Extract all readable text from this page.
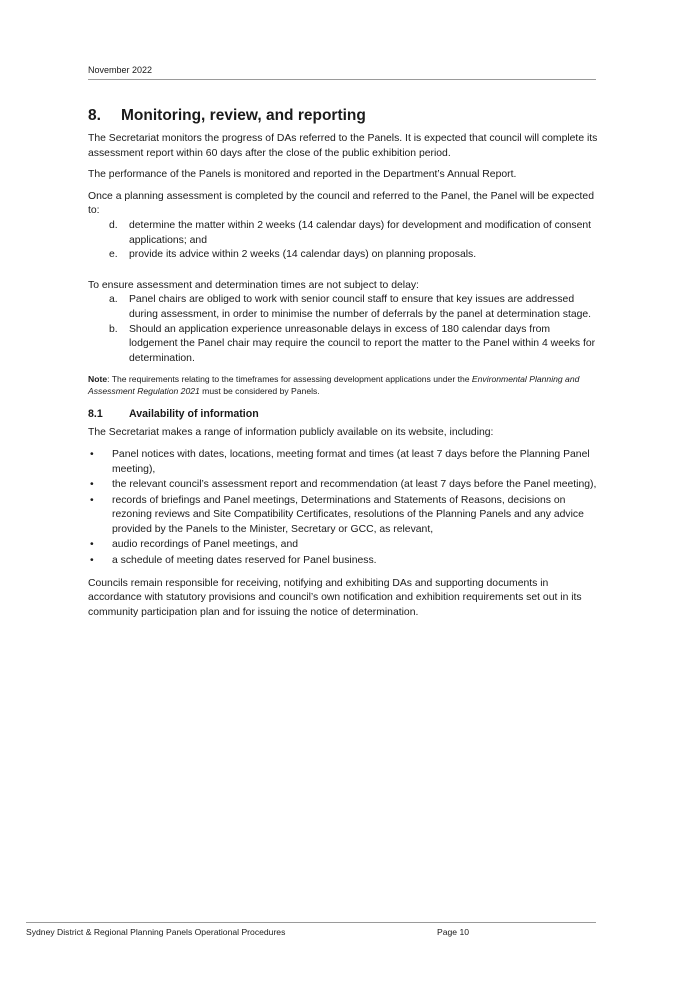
November 2022
8.	Monitoring, review, and reporting

The Secretariat monitors the progress of DAs referred to the Panels. It is expected that council will complete its assessment report within 60 days after the close of the public exhibition period.

The performance of the Panels is monitored and reported in the Department’s Annual Report.

Once a planning assessment is completed by the council and referred to the Panel, the Panel will be expected to:

d.	determine the matter within 2 weeks (14 calendar days) for development and modification of consent applications; and
e.	provide its advice within 2 weeks (14 calendar days) on planning proposals.

To ensure assessment and determination times are not subject to delay:

a.	Panel chairs are obliged to work with senior council staff to ensure that key issues are addressed during assessment, in order to minimise the number of deferrals by the panel at determination stage.
b.	Should an application experience unreasonable delays in excess of 180 calendar days from lodgement the Panel chair may require the council to report the matter to the Panel within 4 weeks for determination.
Note: The requirements relating to the timeframes for assessing development applications under the Environmental Planning and Assessment Regulation 2021 must be considered by Panels.
8.1	Availability of information

The Secretariat makes a range of information publicly available on its website, including:

•	Panel notices with dates, locations, meeting format and times (at least 7 days before the Planning Panel meeting),
•	the relevant council’s assessment report and recommendation (at least 7 days before the Panel meeting),
•	records of briefings and Panel meetings, Determinations and Statements of Reasons, decisions on rezoning reviews and Site Compatibility Certificates, resolutions of the Planning Panels and any advice provided by the Panels to the Minister, Secretary or GCC, as relevant,
•	audio recordings of Panel meetings, and
•	a schedule of meeting dates reserved for Panel business.

Councils remain responsible for receiving, notifying and exhibiting DAs and supporting documents in accordance with statutory provisions and council’s own notification and exhibition requirements set out in its community participation plan and for issuing the notice of determination.

Sydney District & Regional Planning Panels Operational Procedures	Page 10
